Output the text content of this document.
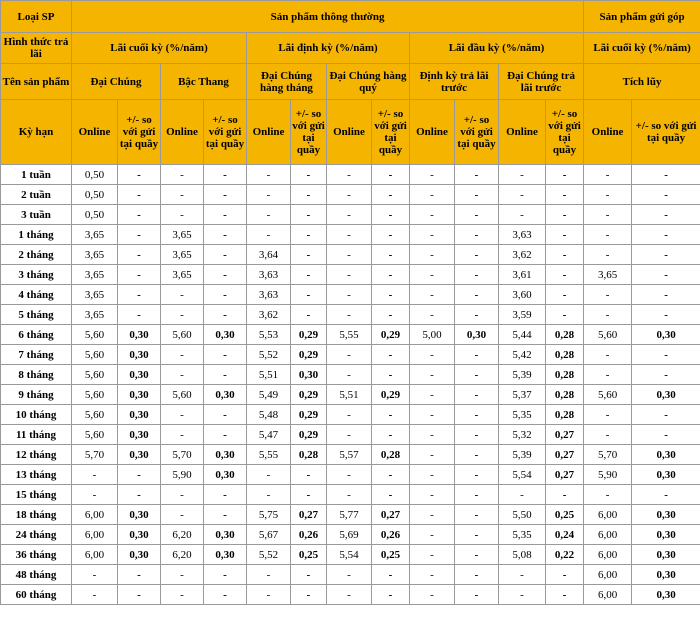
Loại SP	Sản phẩm thông thường												Sản phẩm gửi góp	
Hình thức trả lãi	Lãi cuối kỳ (%/năm)				Lãi định kỳ (%/năm)				Lãi đầu kỳ (%/năm)				Lãi cuối kỳ (%/năm)	
Tên sản phẩm	Đại Chúng		Bậc Thang		Đại Chúng hàng tháng		Đại Chúng hàng quý		Định kỳ trả lãi trước		Đại Chúng trả lãi trước		Tích lũy	
Kỳ hạn	Online	+/- so với gửi tại quầy	Online	+/- so với gửi tại quầy	Online	+/- so với gửi tại quầy	Online	+/- so với gửi tại quầy	Online	+/- so với gửi tại quầy	Online	+/- so với gửi tại quầy	Online	+/- so với gửi tại quầy
1 tuần	0,50	-	-	-	-	-	-	-	-	-	-	-	-	-
2 tuần	0,50	-	-	-	-	-	-	-	-	-	-	-	-	-
3 tuần	0,50	-	-	-	-	-	-	-	-	-	-	-	-	-
1 tháng	3,65	-	3,65	-	-	-	-	-	-	-	3,63	-	-	-
2 tháng	3,65	-	3,65	-	3,64	-	-	-	-	-	3,62	-	-	-
3 tháng	3,65	-	3,65	-	3,63	-	-	-	-	-	3,61	-	3,65	-
4 tháng	3,65	-	-	-	3,63	-	-	-	-	-	3,60	-	-	-
5 tháng	3,65	-	-	-	3,62	-	-	-	-	-	3,59	-	-	-
6 tháng	5,60	0,30	5,60	0,30	5,53	0,29	5,55	0,29	5,00	0,30	5,44	0,28	5,60	0,30
7 tháng	5,60	0,30	-	-	5,52	0,29	-	-	-	-	5,42	0,28	-	-
8 tháng	5,60	0,30	-	-	5,51	0,30	-	-	-	-	5,39	0,28	-	-
9 tháng	5,60	0,30	5,60	0,30	5,49	0,29	5,51	0,29	-	-	5,37	0,28	5,60	0,30
10 tháng	5,60	0,30	-	-	5,48	0,29	-	-	-	-	5,35	0,28	-	-
11 tháng	5,60	0,30	-	-	5,47	0,29	-	-	-	-	5,32	0,27	-	-
12 tháng	5,70	0,30	5,70	0,30	5,55	0,28	5,57	0,28	-	-	5,39	0,27	5,70	0,30
13 tháng	-	-	5,90	0,30	-	-	-	-	-	-	5,54	0,27	5,90	0,30
15 tháng	-	-	-	-	-	-	-	-	-	-	-	-	-	-
18 tháng	6,00	0,30	-	-	5,75	0,27	5,77	0,27	-	-	5,50	0,25	6,00	0,30
24 tháng	6,00	0,30	6,20	0,30	5,67	0,26	5,69	0,26	-	-	5,35	0,24	6,00	0,30
36 tháng	6,00	0,30	6,20	0,30	5,52	0,25	5,54	0,25	-	-	5,08	0,22	6,00	0,30
48 tháng	-	-	-	-	-	-	-	-	-	-	-	-	6,00	0,30
60 tháng	-	-	-	-	-	-	-	-	-	-	-	-	6,00	0,30
